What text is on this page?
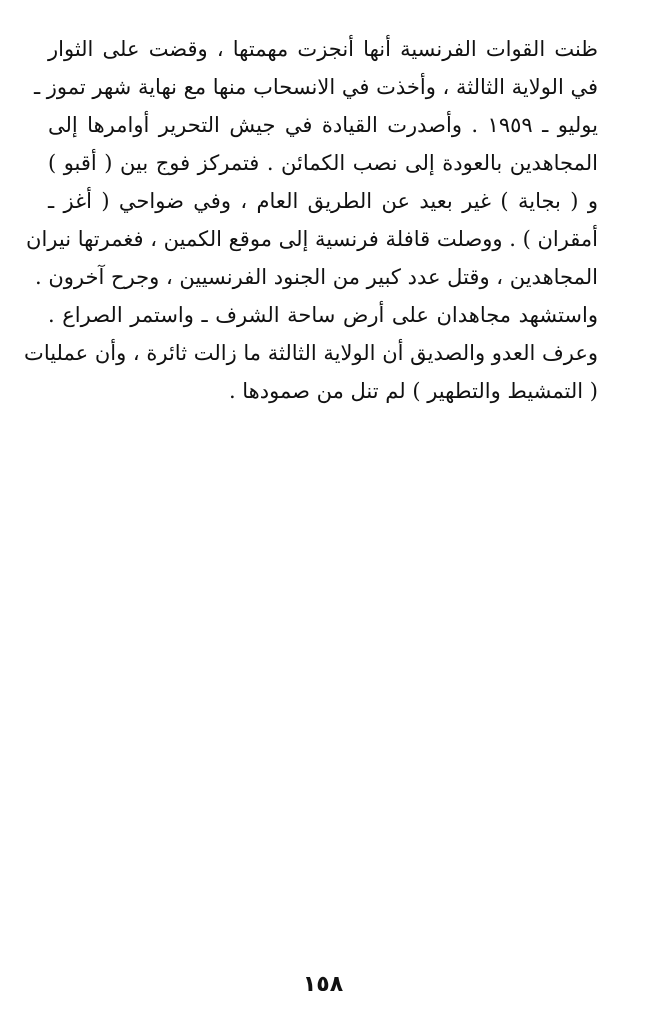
ظنت القوات الفرنسية أنها أنجزت مهمتها ، وقضت على الثوار
في الولاية الثالثة ، وأخذت في الانسحاب منها مع نهاية شهر تموز ـ
يوليو ـ ١٩٥٩ . وأصدرت القيادة في جيش التحرير أوامرها إلى
المجاهدين بالعودة إلى نصب الكمائن . فتمركز فوج بين ( أقبو )
و ( بجاية ) غير بعيد عن الطريق العام ، وفي ضواحي ( أغز ـ
أمقران ) . ووصلت قافلة فرنسية إلى موقع الكمين ، فغمرتها نيران
المجاهدين ، وقتل عدد كبير من الجنود الفرنسيين ، وجرح آخرون .
واستشهد مجاهدان على أرض ساحة الشرف ـ واستمر الصراع .
وعرف العدو والصديق أن الولاية الثالثة ما زالت ثائرة ، وأن عمليات
( التمشيط والتطهير ) لم تنل من صمودها .
١٥٨
